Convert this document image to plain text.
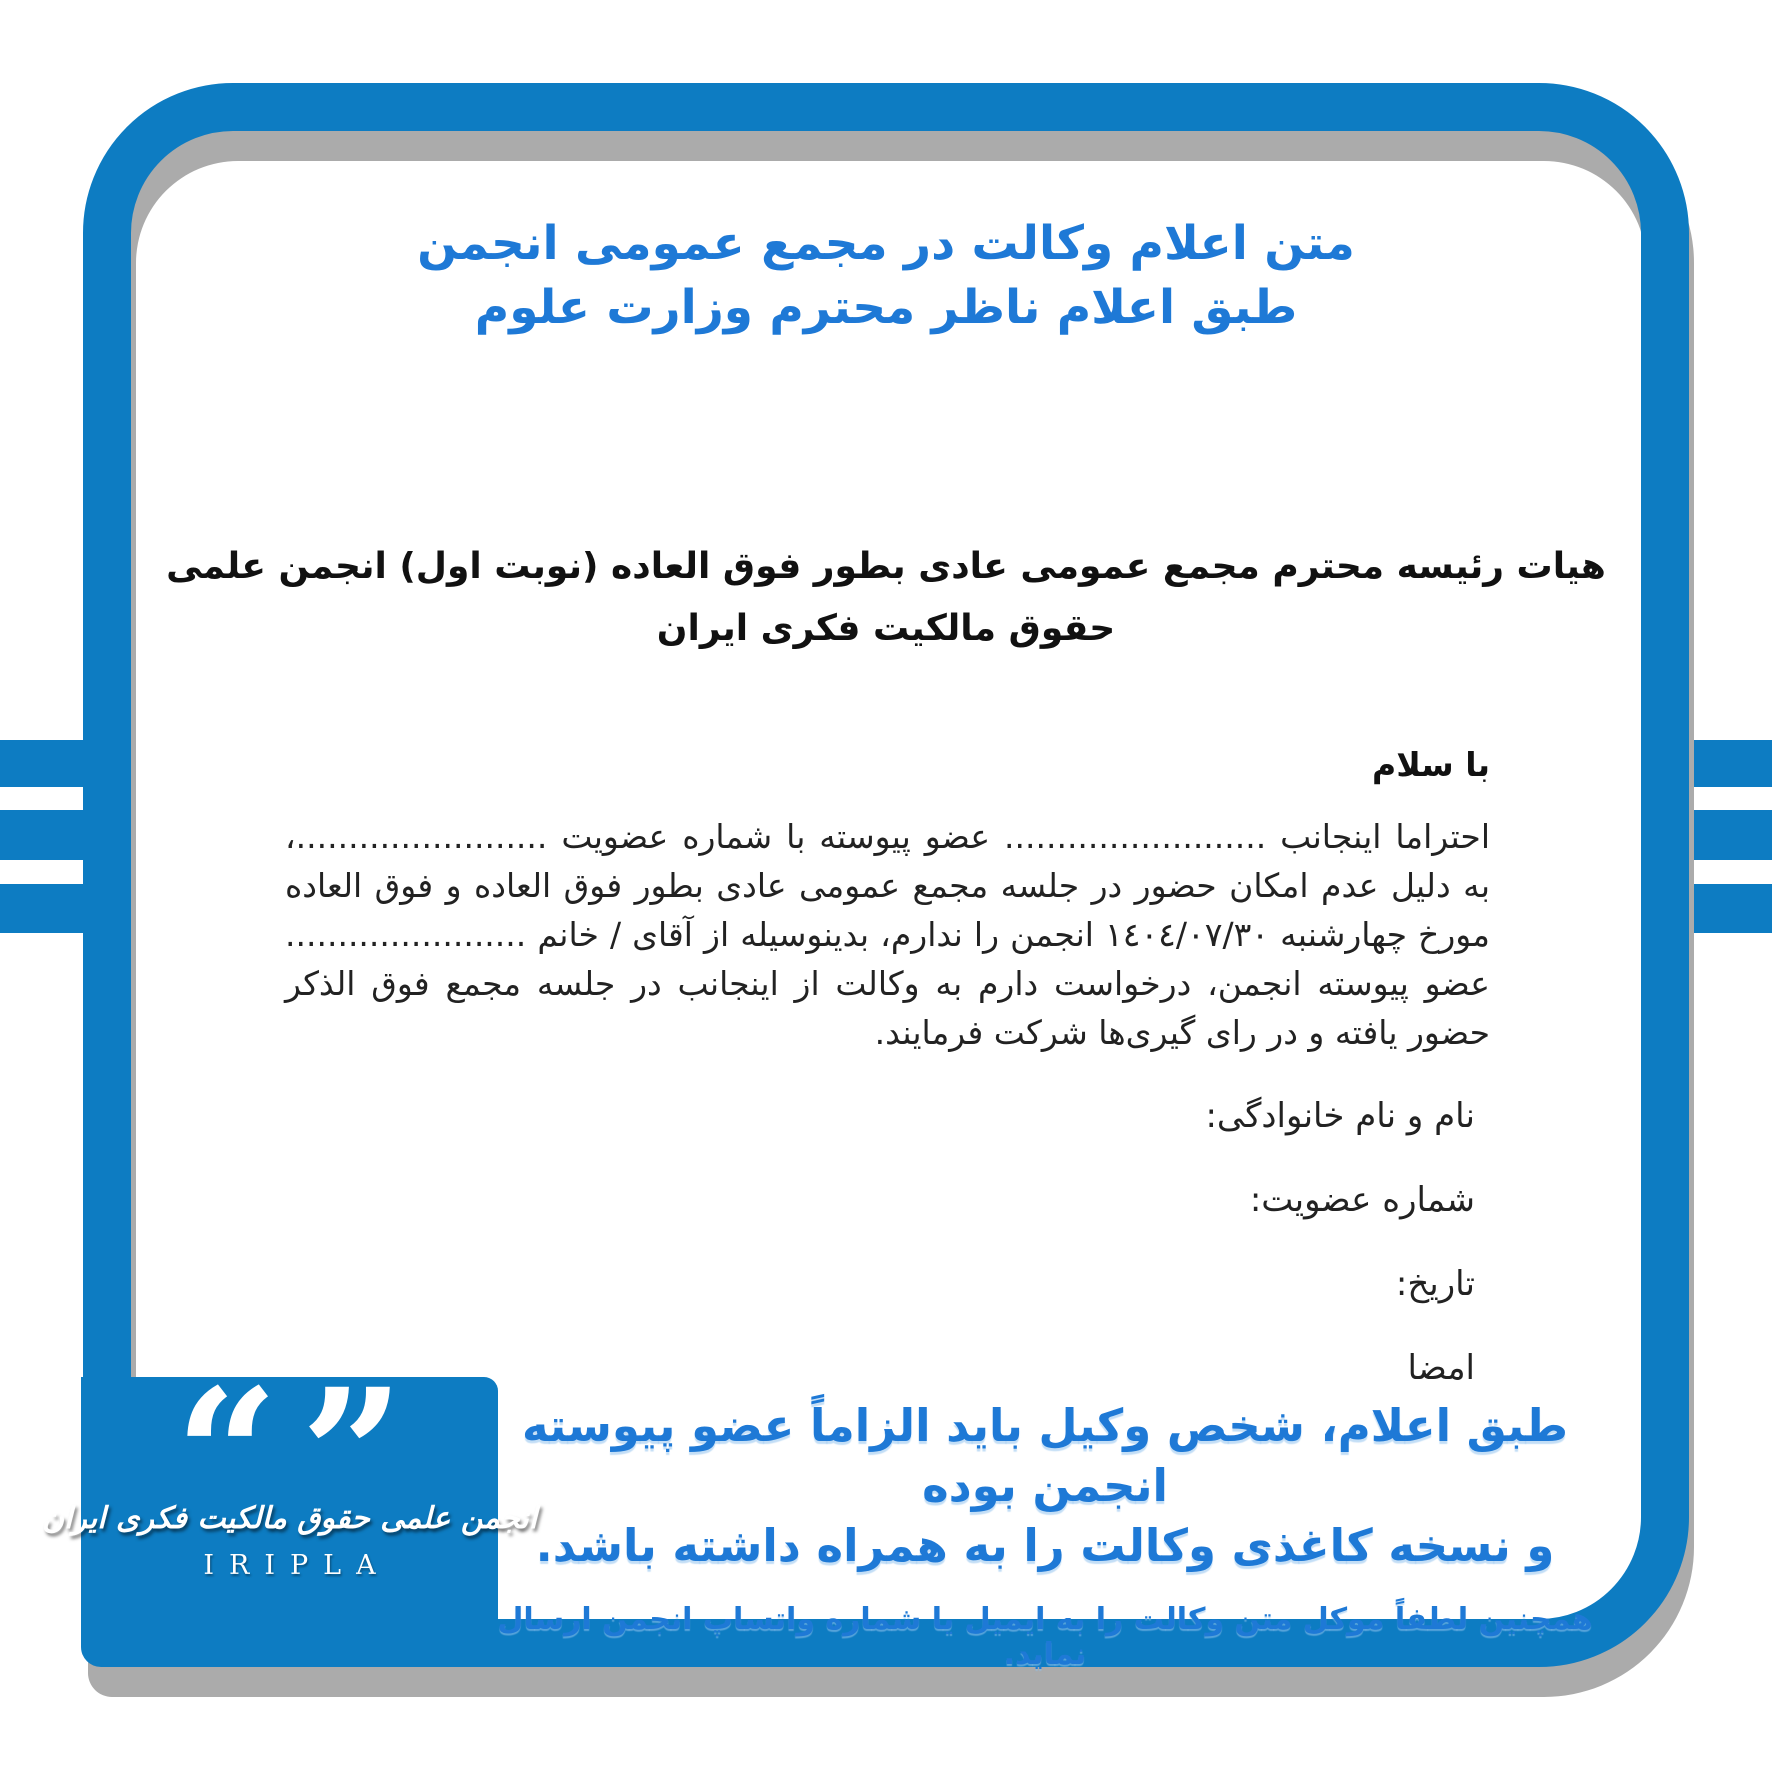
متن اعلام وکالت در مجمع عمومی انجمن
طبق اعلام ناظر محترم وزارت علوم
هیات رئیسه محترم مجمع عمومی عادی بطور فوق العاده (نوبت اول) انجمن علمی
حقوق مالکیت فکری ایران
با سلام
احتراما اینجانب ......................... عضو پیوسته با شماره عضویت ........................، به دلیل عدم امکان حضور در جلسه مجمع عمومی عادی بطور فوق العاده و فوق العاده مورخ چهارشنبه ١٤٠٤/٠٧/٣٠ انجمن را ندارم، بدینوسیله از آقای / خانم ....................... عضو پیوسته انجمن، درخواست دارم به وکالت از اینجانب در جلسه مجمع فوق الذکر حضور یافته و در رای گیری‌ها شرکت فرمایند.
نام و نام خانوادگی:
شماره عضویت:
تاریخ:
امضا
“ ”
انجمن علمی حقوق مالکیت فکری ایران
IRIPLA
طبق اعلام، شخص وکیل باید الزاماً عضو پیوسته انجمن بوده
و نسخه کاغذی وکالت را به همراه داشته باشد.
همچنین لطفاً موکل متن وکالت را به ایمیل یا شماره واتساپ انجمن ارسال نماید.
